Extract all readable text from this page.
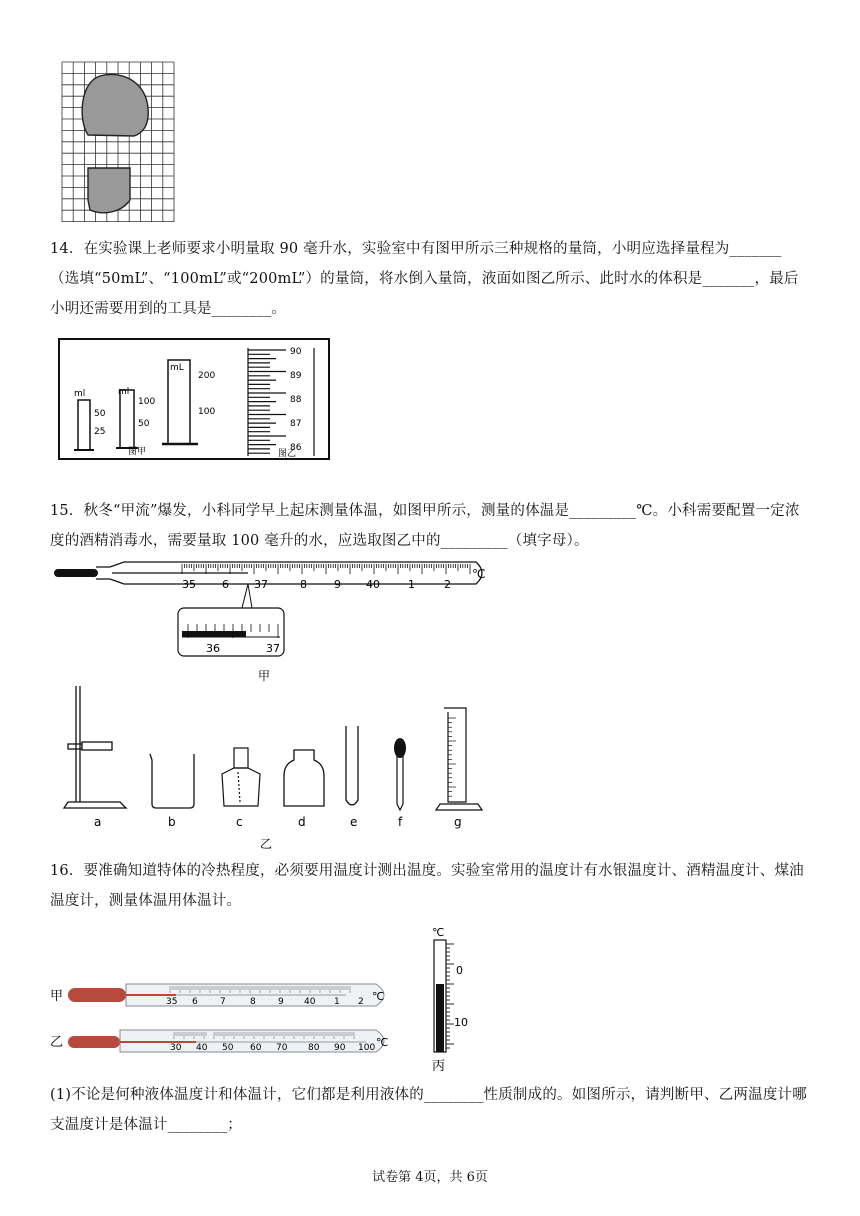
14．在实验课上老师要求小明量取 90 毫升水，实验室中有图甲所示三种规格的量筒，小明应选择量程为_______（选填“50mL”、“100mL”或“200mL”）的量筒，将水倒入量筒，液面如图乙所示、此时水的体积是_______，最后小明还需要用到的工具是________。
ml
50
25
ml
100
50
mL
200
100
图甲
90
89
88
87
86
图乙
15．秋冬“甲流”爆发，小科同学早上起床测量体温，如图甲所示，测量的体温是_________℃。小科需要配置一定浓度的酒精消毒水，需要量取 100 毫升的水，应选取图乙中的_________（填字母）。
35 6 37	8 9 40	1	2
℃
36	37
甲
a	b	c	d	e	f	g
乙
16．要准确知道特体的冷热程度，必须要用温度计测出温度。实验室常用的温度计有水银温度计、酒精温度计、煤油温度计，测量体温用体温计。
甲	35 6 7	8 9 40 1 2 ℃
乙	30 40 50 60 70 80 90 100 ℃
℃
0
10
丙
(1)不论是何种液体温度计和体温计，它们都是利用液体的________性质制成的。如图所示，请判断甲、乙两温度计哪支温度计是体温计________；
试卷第 4页，共 6页
